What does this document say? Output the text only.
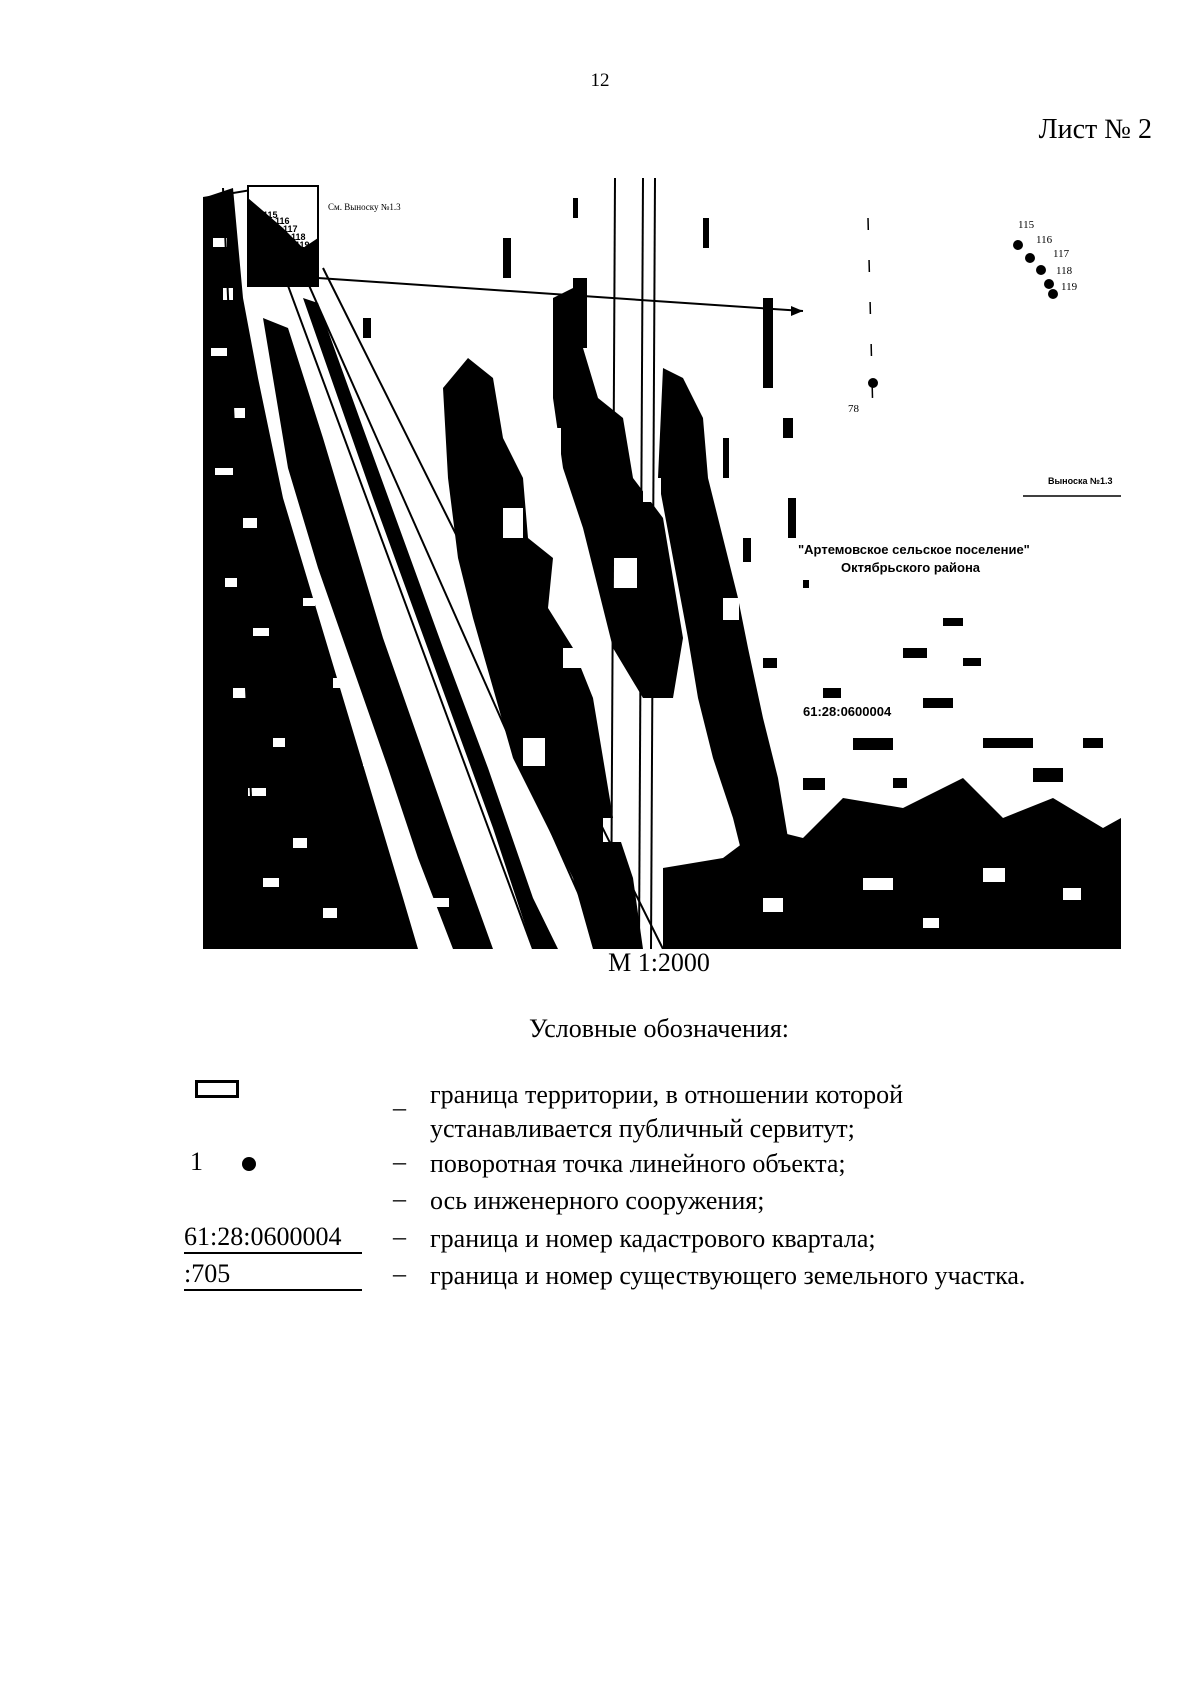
12
Лист № 2
115
116
117
118
119
См. Выноску №1.3
78
115
116
117
118
119
Выноска №1.3
"Артемовское сельское поселение"
Октябрьского района
61:28:0600004
М 1:2000
Условные обозначения:
_ граница территории, в отношении которой
устанавливается публичный сервитут;
1	– поворотная точка линейного объекта;
– ось инженерного сооружения;
61:28:0600004	– граница и номер кадастрового квартала;
:705	– граница и номер существующего земельного участка.
